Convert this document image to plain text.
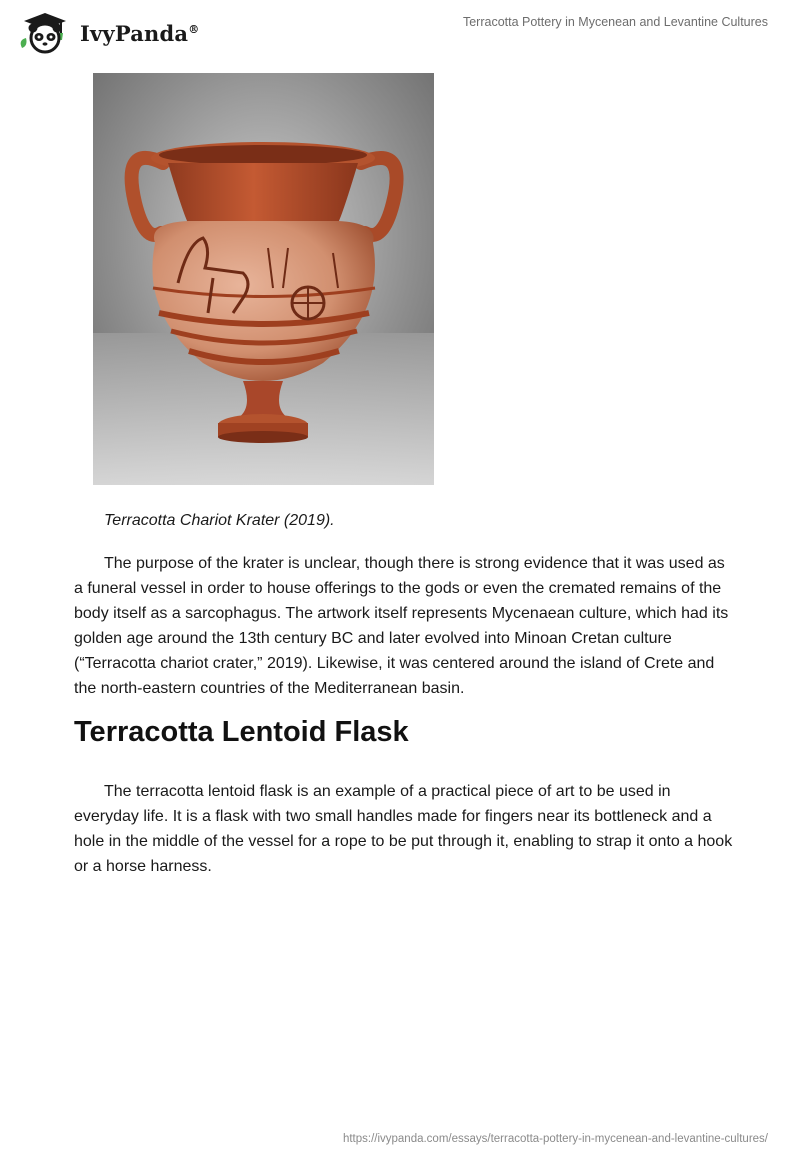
IvyPanda®	Terracotta Pottery in Mycenean and Levantine Cultures
Terracotta Chariot Krater (2019).

The purpose of the krater is unclear, though there is strong evidence that it was used as a funeral vessel in order to house offerings to the gods or even the cremated remains of the body itself as a sarcophagus. The artwork itself represents Mycenaean culture, which had its golden age around the 13th century BC and later evolved into Minoan Cretan culture (“Terracotta chariot crater,” 2019). Likewise, it was centered around the island of Crete and the north-eastern countries of the Mediterranean basin.

Terracotta Lentoid Flask

The terracotta lentoid flask is an example of a practical piece of art to be used in everyday life. It is a flask with two small handles made for fingers near its bottleneck and a hole in the middle of the vessel for a rope to be put through it, enabling to strap it onto a hook or a horse harness.

https://ivypanda.com/essays/terracotta-pottery-in-mycenean-and-levantine-cultures/
